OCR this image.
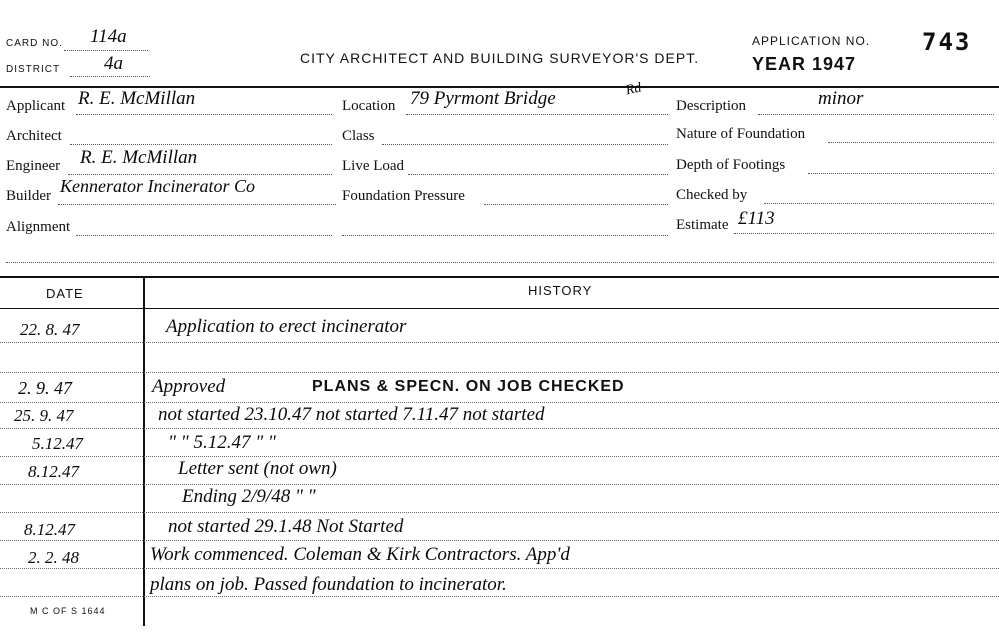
CARD NO. 114a
DISTRICT 4a	CITY ARCHITECT AND BUILDING SURVEYOR'S DEPT.
APPLICATION NO. 743
YEAR 1947
Applicant R. E. McMillan
Architect
Engineer R. E. McMillan
Builder Kennerator Incinerator Co
Alignment
Location 79 Pyrmont Bridge	Rd
Class
Live Load
Foundation Pressure
Description	minor
Nature of Foundation
Depth of Footings
Checked by
Estimate £113
DATE	HISTORY
22. 8. 47	Application to erect incinerator
2. 9. 47	Approved	PLANS & SPECN. ON JOB CHECKED
25. 9. 47	not started 23.10.47 not started 7.11.47 not started
5.12.47	" " 5.12.47 " "
8.12.47	Letter sent (not own)
Ending 2/9/48 " "
8.12.47	not started 29.1.48 Not Started
2. 2. 48	Work commenced. Coleman & Kirk Contractors. App'd
plans on job. Passed foundation to incinerator.
M C OF S 1644
